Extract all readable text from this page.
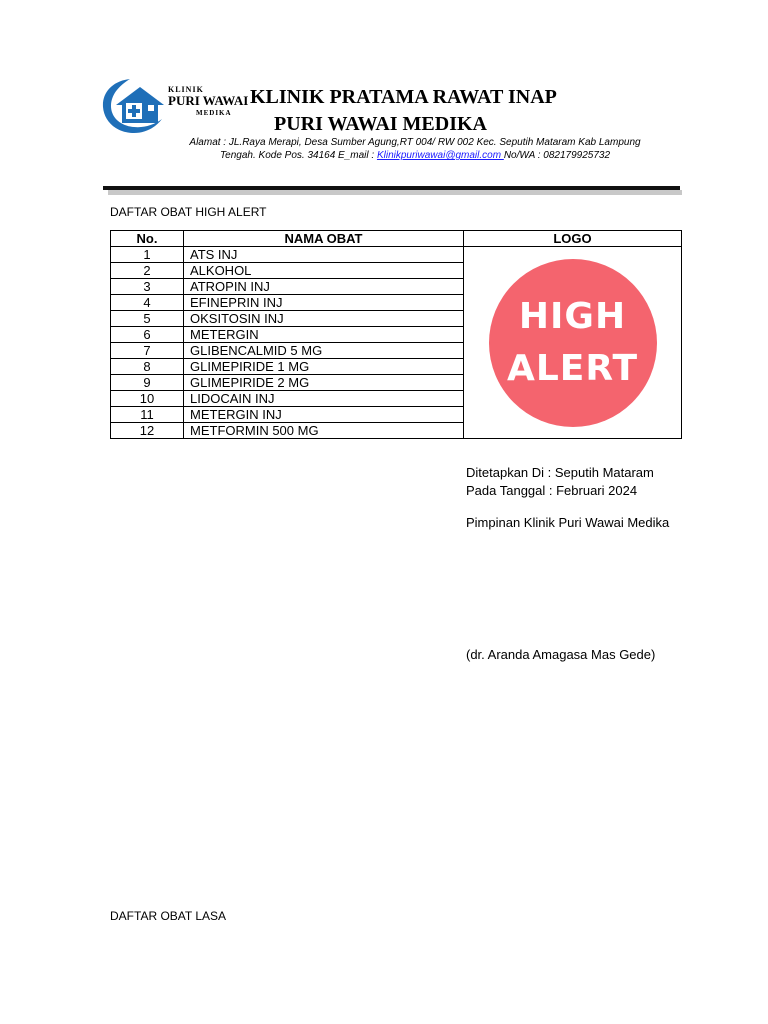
KLINIK
PURI WAWAI
MEDIKA
KLINIK PRATAMA RAWAT INAP
PURI WAWAI MEDIKA
Alamat : JL.Raya Merapi, Desa Sumber Agung,RT 004/ RW 002 Kec. Seputih Mataram Kab Lampung
Tengah. Kode Pos. 34164 E_mail : Klinikpuriwawai@gmail.com No/WA : 082179925732
DAFTAR OBAT HIGH ALERT
No.	NAMA OBAT	LOGO
1	ATS INJ	HIGH
ALERT

2	ALKOHOL	
3	ATROPIN INJ	
4	EFINEPRIN INJ	
5	OKSITOSIN INJ	
6	METERGIN	
7	GLIBENCALMID 5 MG	
8	GLIMEPIRIDE 1 MG	
9	GLIMEPIRIDE 2 MG	
10	LIDOCAIN INJ	
11	METERGIN INJ	
12	METFORMIN 500 MG	
Ditetapkan Di : Seputih Mataram
Pada Tanggal : Februari 2024
Pimpinan Klinik Puri Wawai Medika
(dr. Aranda Amagasa Mas Gede)
DAFTAR OBAT LASA
